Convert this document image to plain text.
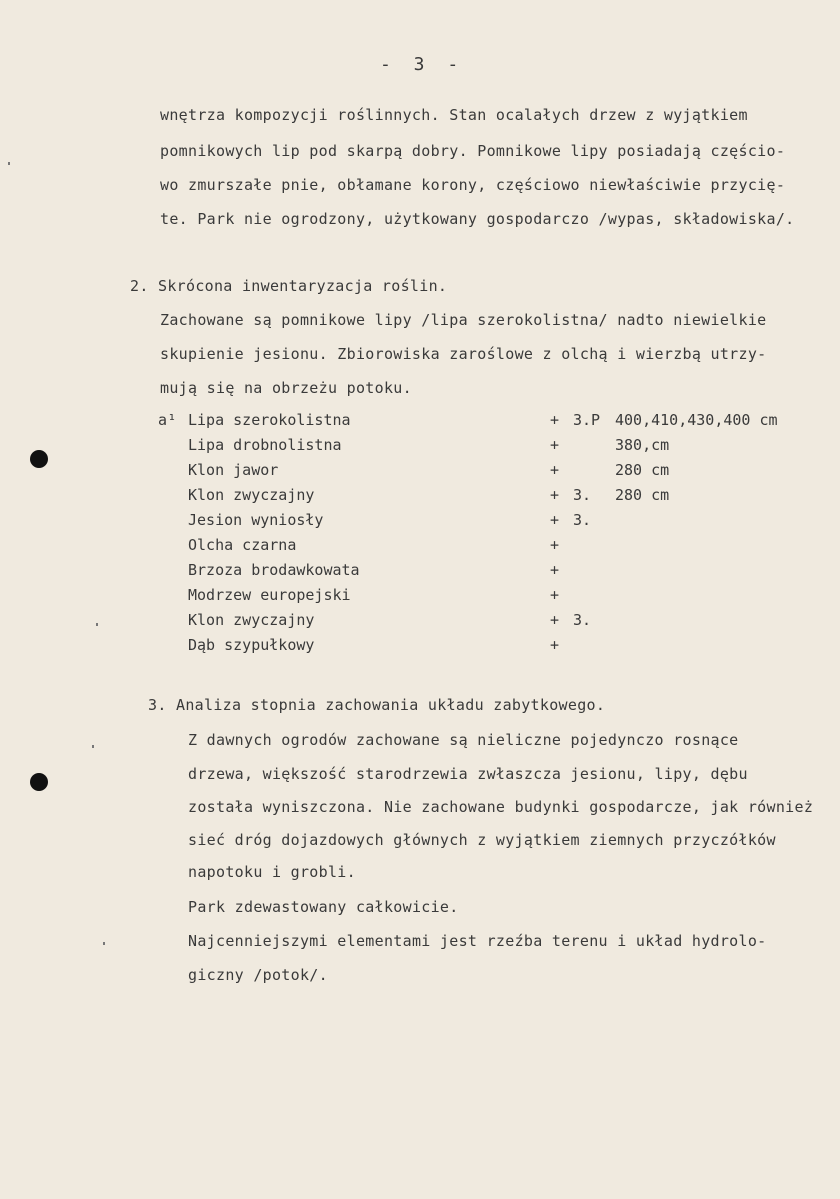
- 3 -
wnętrza kompozycji roślinnych. Stan ocalałych drzew z wyjątkiem
pomnikowych lip pod skarpą dobry. Pomnikowe lipy posiadają częścio-
wo zmurszałe pnie, obłamane korony, częściowo niewłaściwie przycię-
te. Park nie ogrodzony, użytkowany gospodarczo /wypas, składowiska/.
2. Skrócona inwentaryzacja roślin.
Zachowane są pomnikowe lipy /lipa szerokolistna/ nadto niewielkie
skupienie jesionu. Zbiorowiska zaroślowe z olchą i wierzbą utrzy-
mują się na obrzeżu potoku.
a¹ Lipa szerokolistna	+ 3.P 400,410,430,400 cm
Lipa drobnolistna	+	380,cm
Klon jawor	+	280 cm
Klon zwyczajny	+ 3. 280 cm
Jesion wyniosły	+ 3.
Olcha czarna	+
Brzoza brodawkowata	+
Modrzew europejski	+
Klon zwyczajny	+ 3.
Dąb szypułkowy	+
3. Analiza stopnia zachowania układu zabytkowego.
Z dawnych ogrodów zachowane są nieliczne pojedynczo rosnące
drzewa, większość starodrzewia zwłaszcza jesionu, lipy, dębu
została wyniszczona. Nie zachowane budynki gospodarcze, jak również
sieć dróg dojazdowych głównych z wyjątkiem ziemnych przyczółków
napotoku i grobli.
Park zdewastowany całkowicie.
Najcenniejszymi elementami jest rzeźba terenu i układ hydrolo-
giczny /potok/.
